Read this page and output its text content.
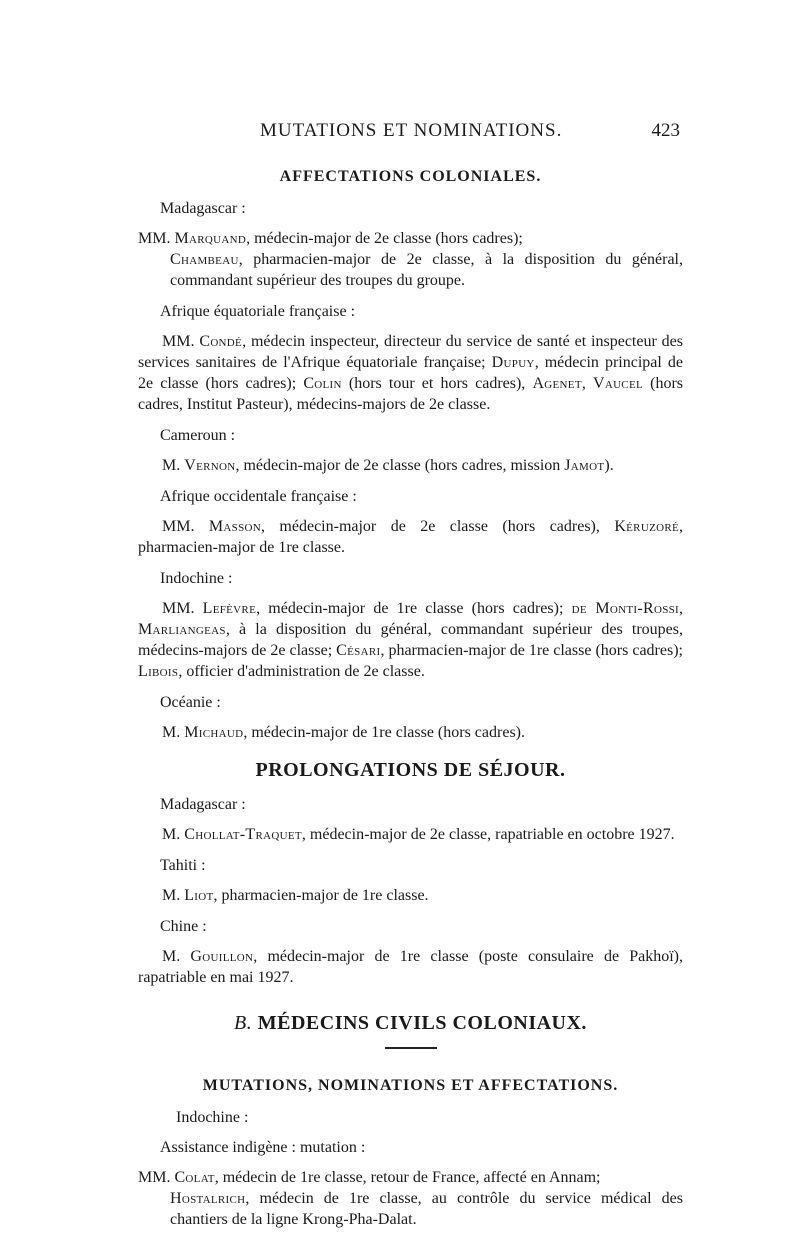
MUTATIONS ET NOMINATIONS.	423
AFFECTATIONS COLONIALES.
Madagascar :
MM. Marquand, médecin-major de 2e classe (hors cadres);
Chambeau, pharmacien-major de 2e classe, à la disposition du général, commandant supérieur des troupes du groupe.
Afrique équatoriale française :
MM. Condé, médecin inspecteur, directeur du service de santé et inspecteur des services sanitaires de l'Afrique équatoriale française; Dupuy, médecin principal de 2e classe (hors cadres); Colin (hors tour et hors cadres), Agenet, Vaucel (hors cadres, Institut Pasteur), médecins-majors de 2e classe.
Cameroun :
M. Vernon, médecin-major de 2e classe (hors cadres, mission Jamot).
Afrique occidentale française :
MM. Masson, médecin-major de 2e classe (hors cadres), Kéruzoré, pharmacien-major de 1re classe.
Indochine :
MM. Lefèvre, médecin-major de 1re classe (hors cadres); de Monti-Rossi, Marliangeas, à la disposition du général, commandant supérieur des troupes, médecins-majors de 2e classe; Césari, pharmacien-major de 1re classe (hors cadres); Libois, officier d'administration de 2e classe.
Océanie :
M. Michaud, médecin-major de 1re classe (hors cadres).
PROLONGATIONS DE SÉJOUR.
Madagascar :
M. Chollat-Traquet, médecin-major de 2e classe, rapatriable en octobre 1927.
Tahiti :
M. Liot, pharmacien-major de 1re classe.
Chine :
M. Gouillon, médecin-major de 1re classe (poste consulaire de Pakhoï), rapatriable en mai 1927.
B. MÉDECINS CIVILS COLONIAUX.
MUTATIONS, NOMINATIONS ET AFFECTATIONS.
Indochine :
Assistance indigène : mutation :
MM. Colat, médecin de 1re classe, retour de France, affecté en Annam;
Hostalrich, médecin de 1re classe, au contrôle du service médical des chantiers de la ligne Krong-Pha-Dalat.
